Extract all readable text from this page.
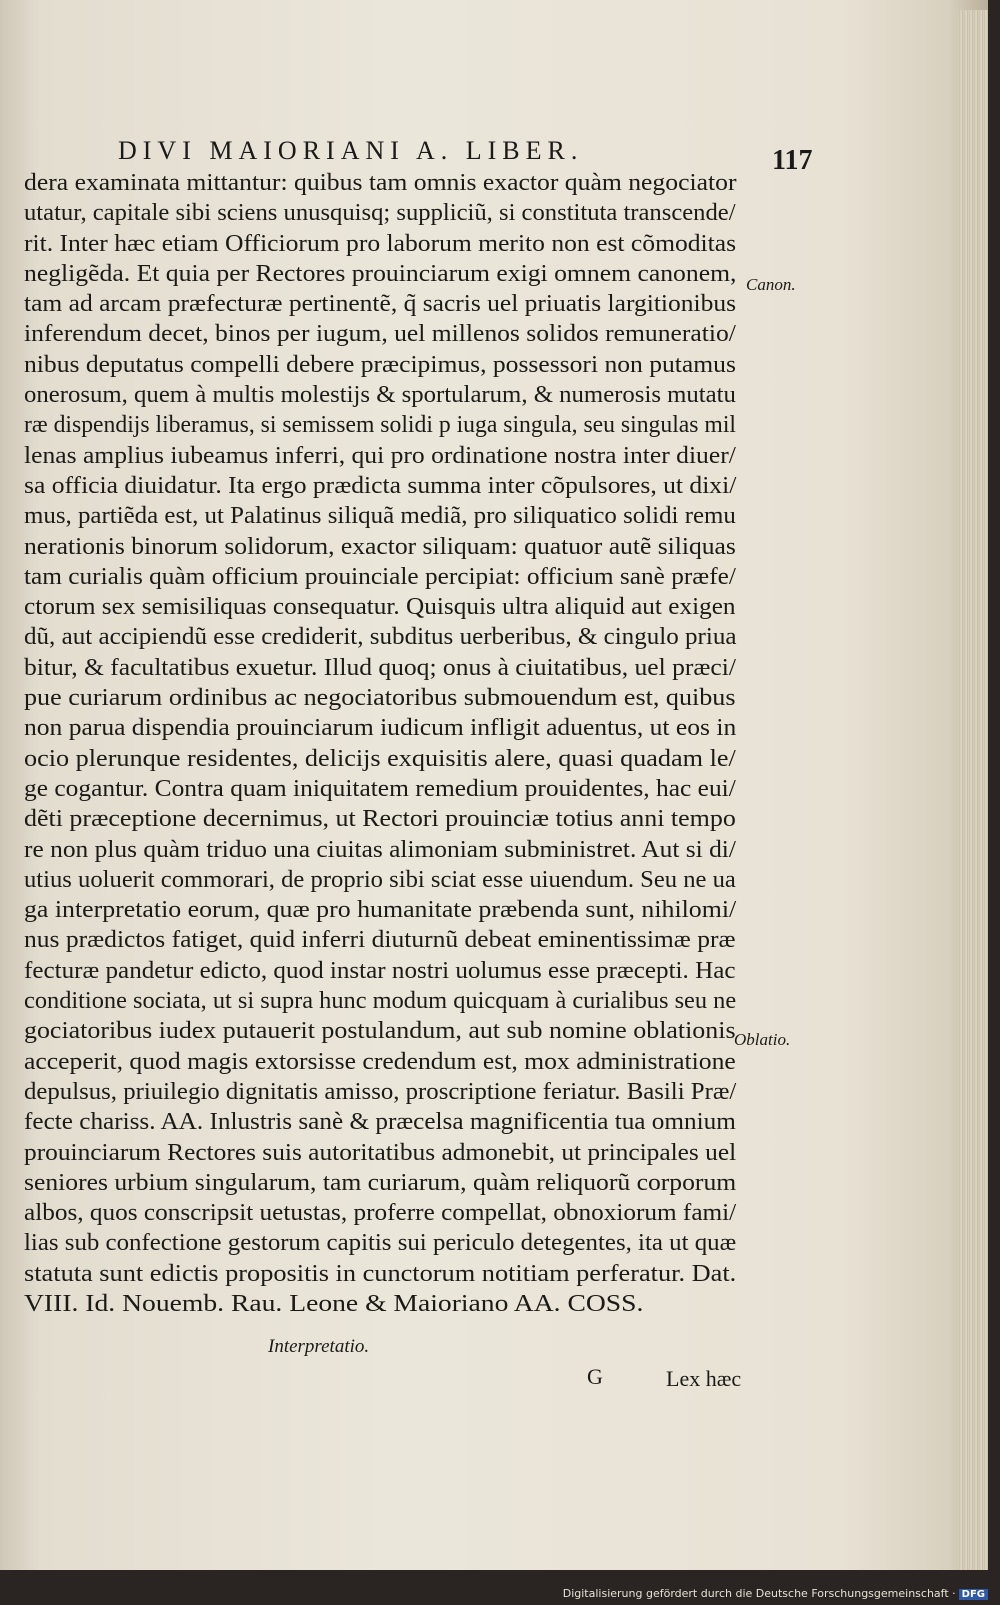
DIVI MAIORIANI A. LIBER.	117
dera examinata mittantur: quibus tam omnis exactor quàm negociator
utatur, capitale sibi sciens unusquisq; suppliciũ, si constituta transcende/
rit. Inter hæc etiam Officiorum pro laborum merito non est cõmoditas
negligẽda. Et quia per Rectores prouinciarum exigi omnem canonem,
tam ad arcam præfecturæ pertinentẽ, q̃ sacris uel priuatis largitionibus
inferendum decet, binos per iugum, uel millenos solidos remuneratio/
nibus deputatus compelli debere præcipimus, possessori non putamus
onerosum, quem à multis molestijs & sportularum, & numerosis mutatu
ræ dispendijs liberamus, si semissem solidi p iuga singula, seu singulas mil
lenas amplius iubeamus inferri, qui pro ordinatione nostra inter diuer/
sa officia diuidatur. Ita ergo prædicta summa inter cõpulsores, ut dixi/
mus, partiẽda est, ut Palatinus siliquã mediã, pro siliquatico solidi remu
nerationis binorum solidorum, exactor siliquam: quatuor autẽ siliquas
tam curialis quàm officium prouinciale percipiat: officium sanè præfe/
ctorum sex semisiliquas consequatur. Quisquis ultra aliquid aut exigen
dũ, aut accipiendũ esse crediderit, subditus uerberibus, & cingulo priua
bitur, & facultatibus exuetur. Illud quoq; onus à ciuitatibus, uel præci/
pue curiarum ordinibus ac negociatoribus submouendum est, quibus
non parua dispendia prouinciarum iudicum infligit aduentus, ut eos in
ocio plerunque residentes, delicijs exquisitis alere, quasi quadam le/
ge cogantur. Contra quam iniquitatem remedium prouidentes, hac eui/
dẽti præceptione decernimus, ut Rectori prouinciæ totius anni tempo
re non plus quàm triduo una ciuitas alimoniam subministret. Aut si di/
utius uoluerit commorari, de proprio sibi sciat esse uiuendum. Seu ne ua
ga interpretatio eorum, quæ pro humanitate præbenda sunt, nihilomi/
nus prædictos fatiget, quid inferri diuturnũ debeat eminentissimæ præ
fecturæ pandetur edicto, quod instar nostri uolumus esse præcepti. Hac
conditione sociata, ut si supra hunc modum quicquam à curialibus seu ne
gociatoribus iudex putauerit postulandum, aut sub nomine oblationis
acceperit, quod magis extorsisse credendum est, mox administratione
depulsus, priuilegio dignitatis amisso, proscriptione feriatur. Basili Præ/
fecte chariss. AA. Inlustris sanè & præcelsa magnificentia tua omnium
prouinciarum Rectores suis autoritatibus admonebit, ut principales uel
seniores urbium singularum, tam curiarum, quàm reliquorũ corporum
albos, quos conscripsit uetustas, proferre compellat, obnoxiorum fami/
lias sub confectione gestorum capitis sui periculo detegentes, ita ut quæ
statuta sunt edictis propositis in cunctorum notitiam perferatur. Dat.
VIII. Id. Nouemb. Rau. Leone & Maioriano AA. COSS.
Canon.
Oblatio.
Interpretatio.
G	Lex hæc
Digitalisierung gefördert durch die Deutsche Forschungsgemeinschaft · DFG
